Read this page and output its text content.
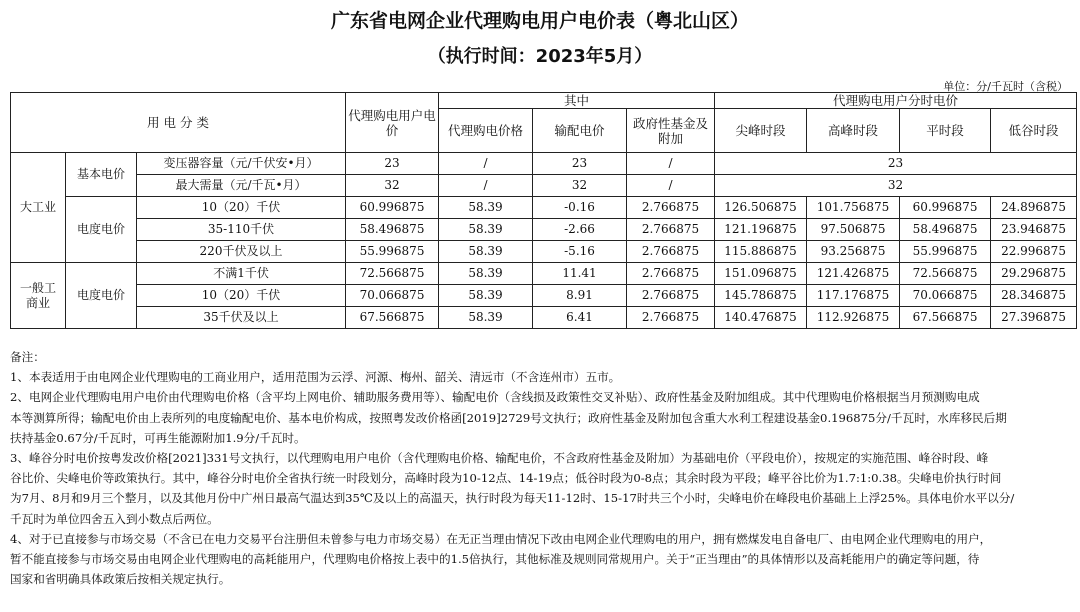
广东省电网企业代理购电用户电价表（粤北山区）
（执行时间：2023年5月）
单位：分/千瓦时（含税）
用 电 分 类			代理购电用户电价	其中			代理购电用户分时电价			
				代理购电价格	输配电价	政府性基金及附加	尖峰时段	高峰时段	平时段	低谷时段
大工业	基本电价	变压器容量（元/千伏安•月）	23	/	23	/	23			
		最大需量（元/千瓦•月）	32	/	32	/	32			
	电度电价	10（20）千伏	60.996875	58.39	-0.16	2.766875	126.506875	101.756875	60.996875	24.896875
		35-110千伏	58.496875	58.39	-2.66	2.766875	121.196875	97.506875	58.496875	23.946875
		220千伏及以上	55.996875	58.39	-5.16	2.766875	115.886875	93.256875	55.996875	22.996875
一般工商业	电度电价	不满1千伏	72.566875	58.39	11.41	2.766875	151.096875	121.426875	72.566875	29.296875
		10（20）千伏	70.066875	58.39	8.91	2.766875	145.786875	117.176875	70.066875	28.346875
		35千伏及以上	67.566875	58.39	6.41	2.766875	140.476875	112.926875	67.566875	27.396875

备注：

1、本表适用于由电网企业代理购电的工商业用户，适用范围为云浮、河源、梅州、韶关、清远市（不含连州市）五市。

2、电网企业代理购电用户电价由代理购电价格（含平均上网电价、辅助服务费用等）、输配电价（含线损及政策性交叉补贴）、政府性基金及附加组成。其中代理购电价格根据当月预测购电成

本等测算所得；输配电价由上表所列的电度输配电价、基本电价构成，按照粤发改价格函[2019]2729号文执行；政府性基金及附加包含重大水利工程建设基金0.196875分/千瓦时，水库移民后期

扶持基金0.67分/千瓦时，可再生能源附加1.9分/千瓦时。

3、峰谷分时电价按粤发改价格[2021]331号文执行，以代理购电用户电价（含代理购电价格、输配电价，不含政府性基金及附加）为基础电价（平段电价），按规定的实施范围、峰谷时段、峰

谷比价、尖峰电价等政策执行。其中，峰谷分时电价全省执行统一时段划分，高峰时段为10-12点、14-19点；低谷时段为0-8点；其余时段为平段；峰平谷比价为1.7:1:0.38。尖峰电价执行时间

为7月、8月和9月三个整月，以及其他月份中广州日最高气温达到35℃及以上的高温天，执行时段为每天11-12时、15-17时共三个小时，尖峰电价在峰段电价基础上上浮25%。具体电价水平以分/

千瓦时为单位四舍五入到小数点后两位。

4、对于已直接参与市场交易（不含已在电力交易平台注册但未曾参与电力市场交易）在无正当理由情况下改由电网企业代理购电的用户，拥有燃煤发电自备电厂、由电网企业代理购电的用户，

暂不能直接参与市场交易由电网企业代理购电的高耗能用户，代理购电价格按上表中的1.5倍执行，其他标准及规则同常规用户。关于“正当理由”的具体情形以及高耗能用户的确定等问题，待

国家和省明确具体政策后按相关规定执行。
